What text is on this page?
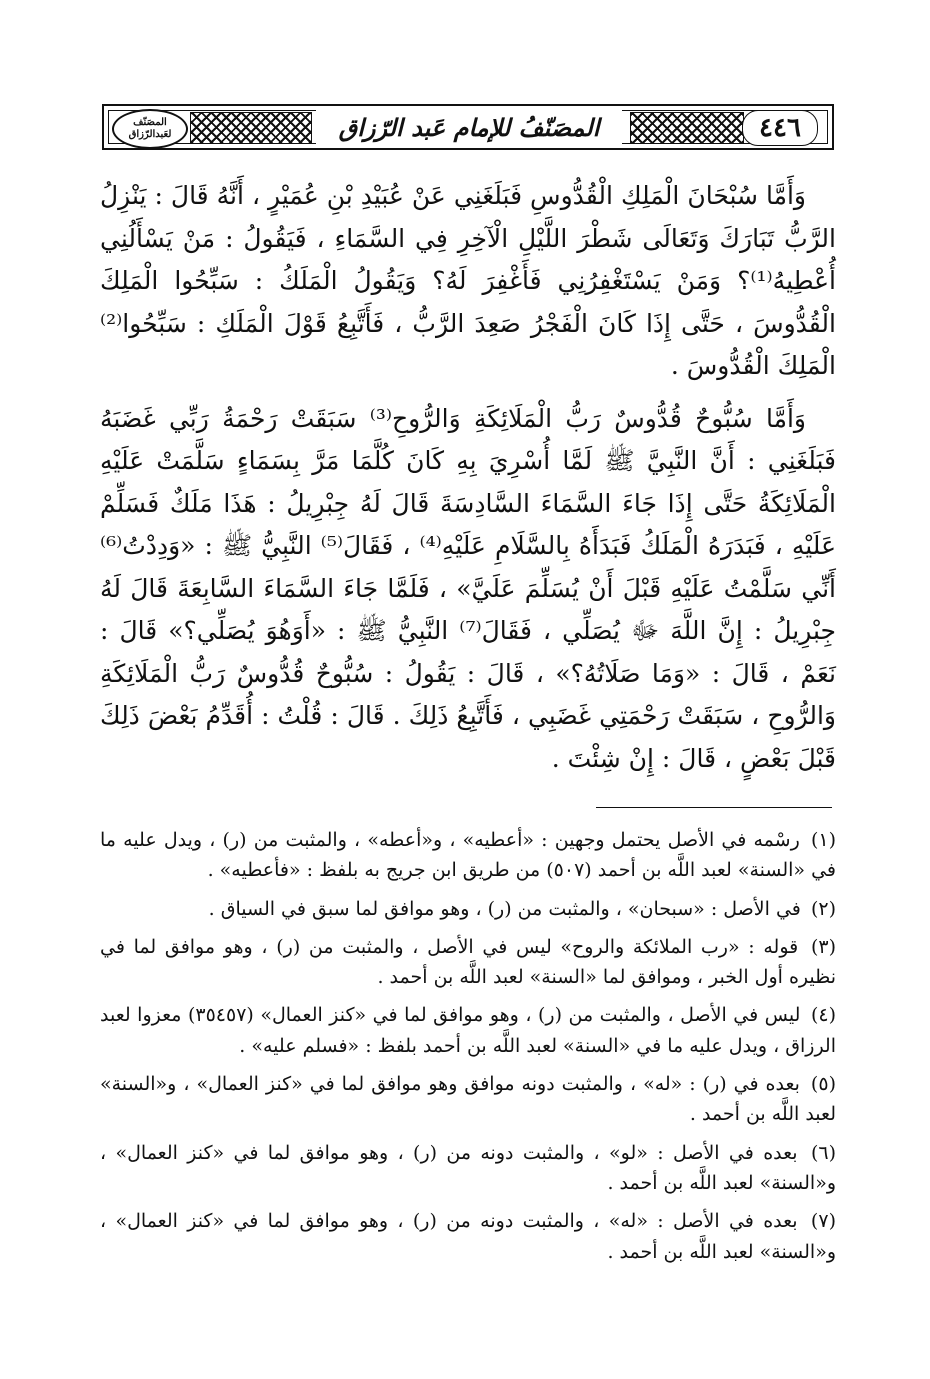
٤٤٦
المصَنّفُ للإمام عَبد الرّزاق
المصَنّف
لعَبدالرّزاق

وَأَمَّا سُبْحَانَ الْمَلِكِ الْقُدُّوسِ فَبَلَغَنِي عَنْ عُبَيْدِ بْنِ عُمَيْرٍ ، أَنَّهُ قَالَ : يَنْزِلُ الرَّبُّ تَبَارَكَ وَتَعَالَى شَطْرَ اللَّيْلِ الْآخِرِ فِي السَّمَاءِ ، فَيَقُولُ : مَنْ يَسْأَلُنِي أُعْطِيهُ⁽¹⁾؟ وَمَنْ يَسْتَغْفِرُنِي فَأَغْفِرَ لَهُ؟ وَيَقُولُ الْمَلَكُ : سَبِّحُوا الْمَلِكَ الْقُدُّوسَ ، حَتَّى إِذَا كَانَ الْفَجْرُ صَعِدَ الرَّبُّ ، فَأَتَّبِعُ قَوْلَ الْمَلَكِ : سَبِّحُوا⁽²⁾ الْمَلِكَ الْقُدُّوسَ .

وَأَمَّا سُبُّوحٌ قُدُّوسٌ رَبُّ الْمَلَائِكَةِ وَالرُّوحِ⁽³⁾ سَبَقَتْ رَحْمَةُ رَبِّي غَضَبَهُ فَبَلَغَنِي : أَنَّ النَّبِيَّ ﷺ لَمَّا أُسْرِيَ بِهِ كَانَ كُلَّمَا مَرَّ بِسَمَاءٍ سَلَّمَتْ عَلَيْهِ الْمَلَائِكَةُ حَتَّى إِذَا جَاءَ السَّمَاءَ السَّادِسَةَ قَالَ لَهُ جِبْرِيلُ : هَذَا مَلَكٌ فَسَلِّمْ عَلَيْهِ ، فَبَدَرَهُ الْمَلَكُ فَبَدَأَهُ بِالسَّلَامِ عَلَيْهِ⁽⁴⁾ ، فَقَالَ⁽⁵⁾ النَّبِيُّ ﷺ : «وَدِدْتُ⁽⁶⁾ أَنِّي سَلَّمْتُ عَلَيْهِ قَبْلَ أَنْ يُسَلِّمَ عَلَيَّ» ، فَلَمَّا جَاءَ السَّمَاءَ السَّابِعَةَ قَالَ لَهُ جِبْرِيلُ : إِنَّ اللَّهَ ﷻ يُصَلِّي ، فَقَالَ⁽⁷⁾ النَّبِيُّ ﷺ : «أَوَهُوَ يُصَلِّي؟» قَالَ : نَعَمْ ، قَالَ : «وَمَا صَلَاتُهُ؟» ، قَالَ : يَقُولُ : سُبُّوحٌ قُدُّوسٌ رَبُّ الْمَلَائِكَةِ وَالرُّوحِ ، سَبَقَتْ رَحْمَتِي غَضَبِي ، فَأَتَّبِعُ ذَلِكَ . قَالَ : قُلْتُ : أُقَدِّمُ بَعْضَ ذَلِكَ قَبْلَ بَعْضٍ ، قَالَ : إِنْ شِئْتَ .

(١) رسْمه في الأصل يحتمل وجهين : «أعطيه» ، و«أعطه» ، والمثبت من (ر) ، ويدل عليه ما في «السنة» لعبد اللَّه بن أحمد (٥٠٧) من طريق ابن جريج به بلفظ : «فأعطيه» .

(٢) في الأصل : «سبحان» ، والمثبت من (ر) ، وهو موافق لما سبق في السياق .

(٣) قوله : «رب الملائكة والروح» ليس في الأصل ، والمثبت من (ر) ، وهو موافق لما في نظيره أول الخبر ، وموافق لما «السنة» لعبد اللَّه بن أحمد .

(٤) ليس في الأصل ، والمثبت من (ر) ، وهو موافق لما في «كنز العمال» (٣٥٤٥٧) معزوا لعبد الرزاق ، ويدل عليه ما في «السنة» لعبد اللَّه بن أحمد بلفظ : «فسلم عليه» .

(٥) بعده في (ر) : «له» ، والمثبت دونه موافق وهو موافق لما في «كنز العمال» ، و«السنة» لعبد اللَّه بن أحمد .

(٦) بعده في الأصل : «لو» ، والمثبت دونه من (ر) ، وهو موافق لما في «كنز العمال» ، و«السنة» لعبد اللَّه بن أحمد .

(٧) بعده في الأصل : «له» ، والمثبت دونه من (ر) ، وهو موافق لما في «كنز العمال» ، و«السنة» لعبد اللَّه بن أحمد .
